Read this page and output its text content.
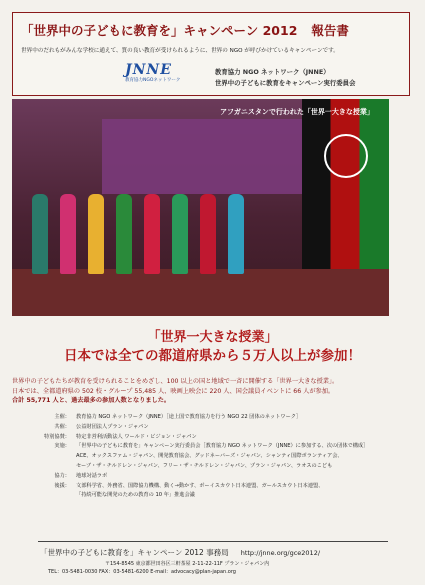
「世界中の子どもに教育を」キャンペーン 2012 報告書
世界中のだれもがみんな学校に通えて、質の良い教育が受けられるように、世界の NGO が呼びかけているキャンペーンです。
JNNE
教育協力NGOネットワーク
教育協力 NGO ネットワーク（JNNE）
世界中の子どもに教育をキャンペーン実行委員会
アフガニスタンで行われた「世界一大きな授業」
「世界一大きな授業」
日本では全ての都道府県から５万人以上が参加！
世界中の子どもたちが教育を受けられることをめざし、100 以上の国と地域で一斉に開催する「世界一大きな授業」。
日本では、全都道府県の 502 校・グループ 55,485 人、映画上映会に 220 人、国会議員イベントに 66 人が参加。
合計 55,771 人と、過去最多の参加人数となりました。
主催： 教育協力 NGO ネットワーク（JNNE）［途上国で教育協力を行う NGO 22 団体のネットワーク］
共催： 公益財団法人プラン・ジャパン
特別協賛： 特定非営利活動法人 ワールド・ビジョン・ジャパン
実施： 「世界中の子どもに教育を」キャンペーン実行委員会［教育協力 NGO ネットワーク（JNNE）に参加する、次の団体で構成］
ACE、オックスファム・ジャパン、開発教育協会、グッドネーバーズ・ジャパン、シャンティ国際ボランティア会、
セーブ・ザ・チルドレン・ジャパン、フリー・ザ・チルドレン・ジャパン、プラン・ジャパン、ラオスのこども
協力： 地球対話ラボ
後援： 文部科学省、外務省、国際協力機構、動く→動かす、ボーイスカウト日本連盟、ガールスカウト日本連盟、
「持続可能な開発のための教育の 10 年」推進会議
「世界中の子どもに教育を」キャンペーン 2012 事務局 http://jnne.org/gce2012/
〒154-8545 東京都世田谷区三軒茶屋 2-11-22-11F プラン・ジャパン内
TEL：03-5481-0030 FAX：03-5481-6200 E-mail：advocacy@plan-japan.org
